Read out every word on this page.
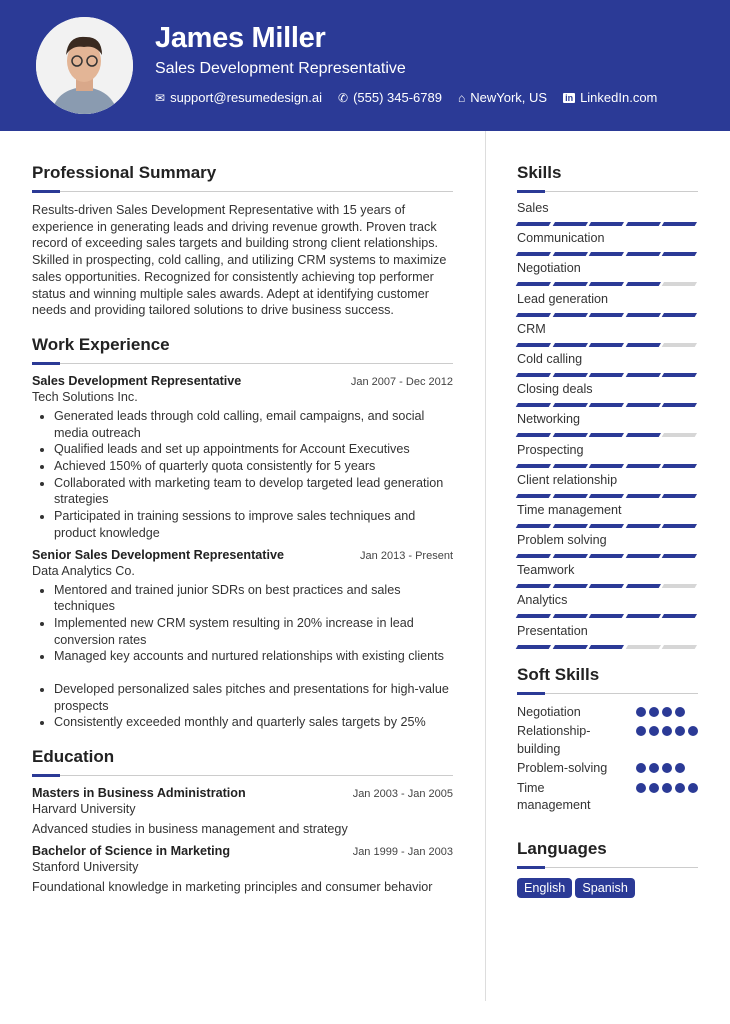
James Miller
Sales Development Representative
✉ support@resumedesign.ai ✆ (555) 345-6789 ⌂ NewYork, US in LinkedIn.com
Professional Summary

Results-driven Sales Development Representative with 15 years of experience in generating leads and driving revenue growth. Proven track record of exceeding sales targets and building strong client relationships. Skilled in prospecting, cold calling, and utilizing CRM systems to maximize sales opportunities. Recognized for consistently achieving top performer status and winning multiple sales awards. Adept at identifying customer needs and providing tailored solutions to drive business success.

Work Experience
Sales Development Representative	Jan 2007 - Dec 2012
Tech Solutions Inc.
• Generated leads through cold calling, email campaigns, and social media outreach
• Qualified leads and set up appointments for Account Executives
• Achieved 150% of quarterly quota consistently for 5 years
• Collaborated with marketing team to develop targeted lead generation strategies
• Participated in training sessions to improve sales techniques and product knowledge
Senior Sales Development Representative	Jan 2013 - Present
Data Analytics Co.
• Mentored and trained junior SDRs on best practices and sales techniques
• Implemented new CRM system resulting in 20% increase in lead conversion rates
• Managed key accounts and nurtured relationships with existing clients
• Developed personalized sales pitches and presentations for high-value prospects
• Consistently exceeded monthly and quarterly sales targets by 25%
Education
Masters in Business Administration	Jan 2003 - Jan 2005
Harvard University
Advanced studies in business management and strategy
Bachelor of Science in Marketing	Jan 1999 - Jan 2003
Stanford University
Foundational knowledge in marketing principles and consumer behavior
Skills
Sales
Communication
Negotiation
Lead generation
CRM
Cold calling
Closing deals
Networking
Prospecting
Client relationship
Time management
Problem solving
Teamwork
Analytics
Presentation
Soft Skills
Negotiation
Relationship-building
Problem-solving
Time management
Languages
English Spanish
